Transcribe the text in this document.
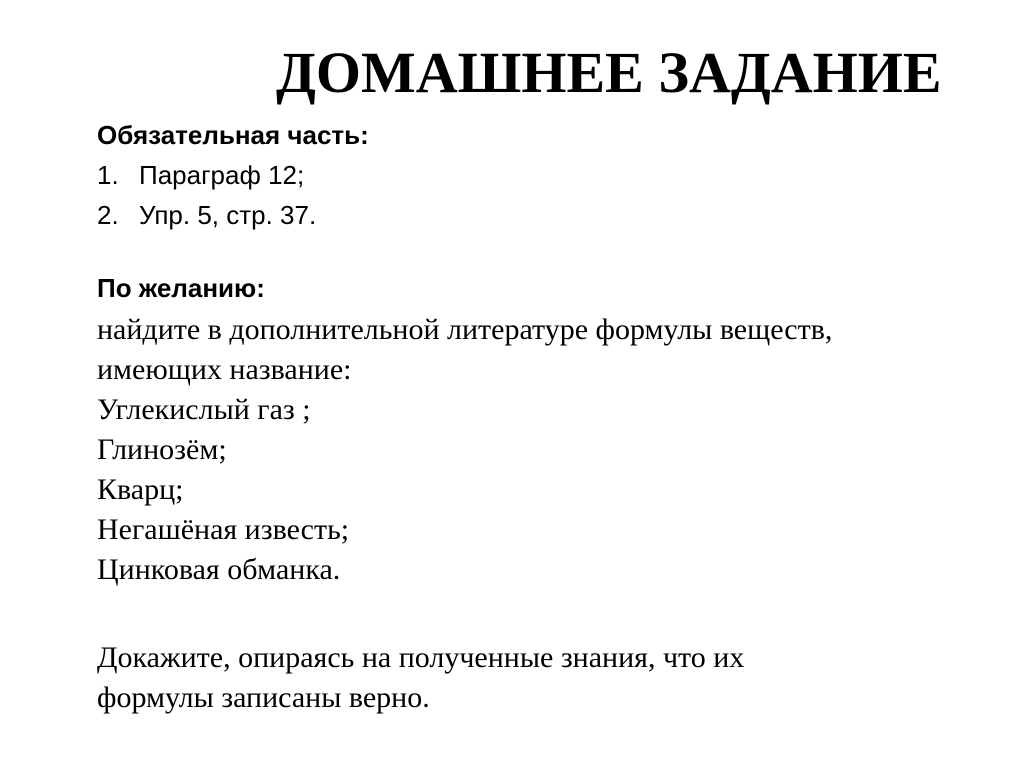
ДОМАШНЕЕ ЗАДАНИЕ
Обязательная часть:
1. Параграф 12;
2. Упр. 5, стр. 37.
По желанию:
найдите в дополнительной литературе формулы веществ,
имеющих название:
Углекислый газ ;
Глинозём;
Кварц;
Негашёная известь;
Цинковая обманка.
Докажите, опираясь на полученные знания, что их
формулы записаны верно.
